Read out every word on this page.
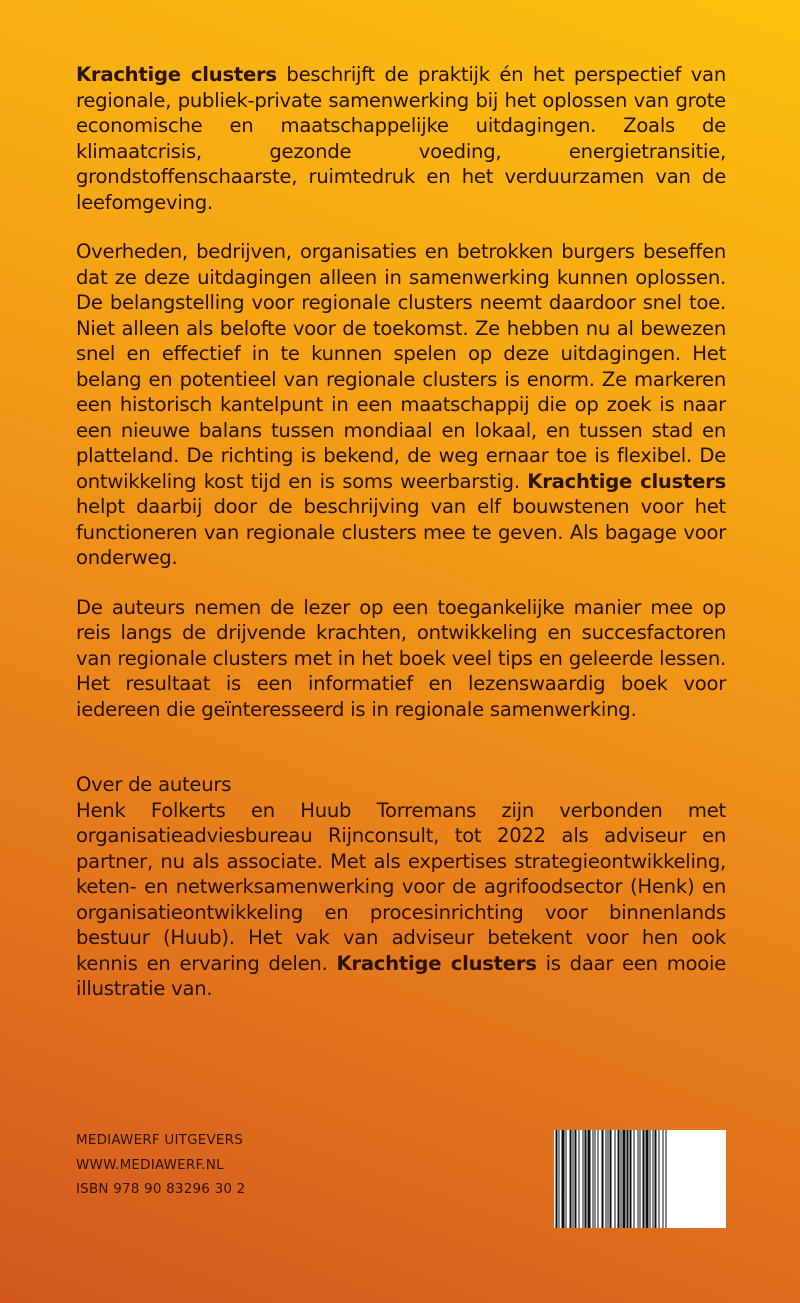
Krachtige clusters beschrijft de praktijk én het perspectief van regionale, publiek-private samenwerking bij het oplossen van grote economische en maatschappelijke uitdagingen. Zoals de klimaatcrisis, gezonde voeding, energietransitie, grondstoffenschaarste, ruimtedruk en het verduurzamen van de leefomgeving.

Overheden, bedrijven, organisaties en betrokken burgers beseffen dat ze deze uitdagingen alleen in samenwerking kunnen oplossen. De belangstelling voor regionale clusters neemt daardoor snel toe. Niet alleen als belofte voor de toekomst. Ze hebben nu al bewezen snel en effectief in te kunnen spelen op deze uitdagingen. Het belang en potentieel van regionale clusters is enorm. Ze markeren een historisch kantelpunt in een maatschappij die op zoek is naar een nieuwe balans tussen mondiaal en lokaal, en tussen stad en platteland. De richting is bekend, de weg ernaar toe is flexibel. De ontwikkeling kost tijd en is soms weerbarstig. Krachtige clusters helpt daarbij door de beschrijving van elf bouwstenen voor het functioneren van regionale clusters mee te geven. Als bagage voor onderweg.

De auteurs nemen de lezer op een toegankelijke manier mee op reis langs de drijvende krachten, ontwikkeling en succesfactoren van regionale clusters met in het boek veel tips en geleerde lessen. Het resultaat is een informatief en lezenswaardig boek voor iedereen die geïnteresseerd is in regionale samenwerking.

Over de auteurs
Henk Folkerts en Huub Torremans zijn verbonden met organisatieadviesbureau Rijnconsult, tot 2022 als adviseur en partner, nu als associate. Met als expertises strategieontwikkeling, keten- en netwerksamenwerking voor de agrifoodsector (Henk) en organisatieontwikkeling en procesinrichting voor binnenlands bestuur (Huub). Het vak van adviseur betekent voor hen ook kennis en ervaring delen. Krachtige clusters is daar een mooie illustratie van.

MEDIAWERF UITGEVERS
WWW.MEDIAWERF.NL
ISBN 978 90 83296 30 2
